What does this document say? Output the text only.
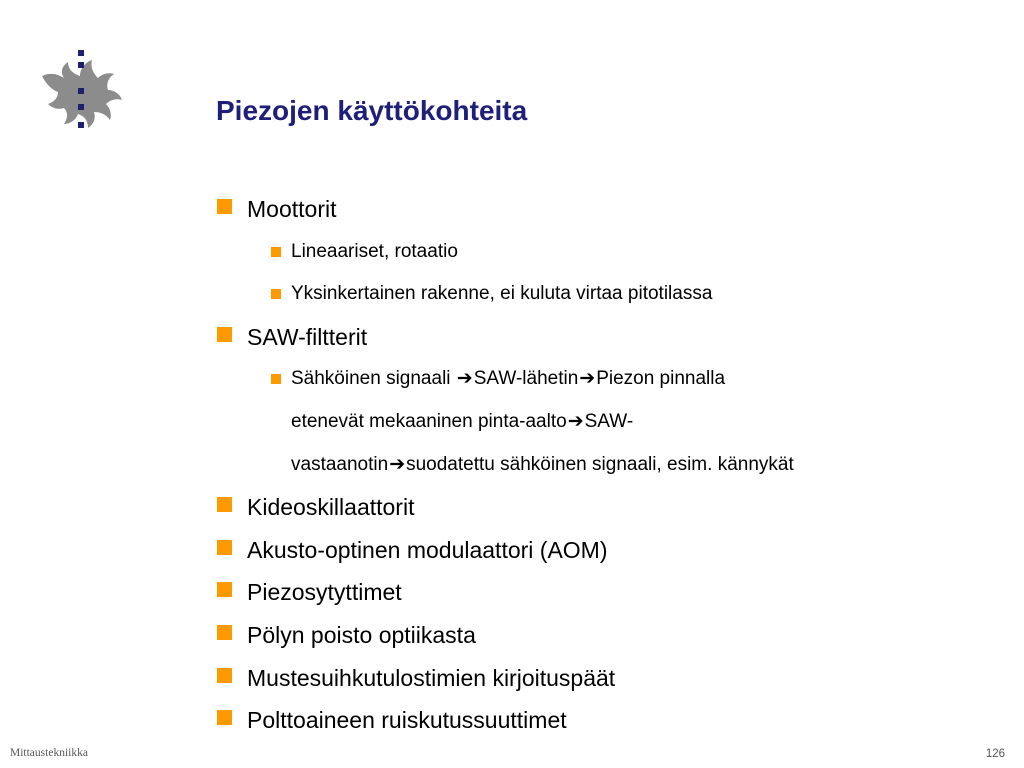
Piezojen käyttökohteita
Moottorit
Lineaariset, rotaatio
Yksinkertainen rakenne, ei kuluta virtaa pitotilassa
SAW-filtterit
Sähköinen signaali ➔SAW-lähetin➔Piezon pinnalla
etenevät mekaaninen pinta-aalto➔SAW-
vastaanotin➔suodatettu sähköinen signaali, esim. kännykät
Kideoskillaattorit
Akusto-optinen modulaattori (AOM)
Piezosytyttimet
Pölyn poisto optiikasta
Mustesuihkutulostimien kirjoituspäät
Polttoaineen ruiskutussuuttimet
Mittaustekniikka	126
